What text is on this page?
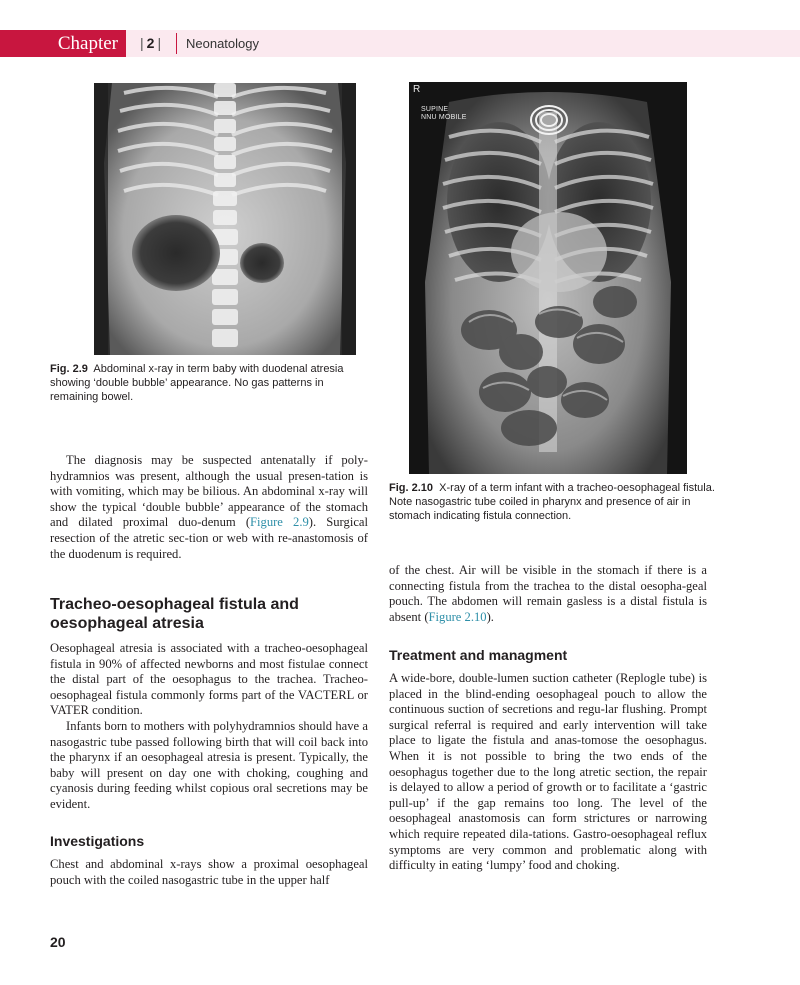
Chapter	| 2 | Neonatology
Fig. 2.9 Abdominal x-ray in term baby with duodenal atresia showing ‘double bubble’ appearance. No gas patterns in remaining bowel.
R
SUPINE
NNU MOBILE
Fig. 2.10 X-ray of a term infant with a tracheo-oesophageal fistula. Note nasogastric tube coiled in pharynx and presence of air in stomach indicating fistula connection.

The diagnosis may be suspected antenatally if poly-hydramnios was present, although the usual presen-tation is with vomiting, which may be bilious. An abdominal x-ray will show the typical ‘double bubble’ appearance of the stomach and dilated proximal duo-denum (Figure 2.9). Surgical resection of the atretic sec-tion or web with re-anastomosis of the duodenum is required.

Tracheo-oesophageal fistula and
oesophageal atresia

Oesophageal atresia is associated with a tracheo-oesophageal fistula in 90% of affected newborns and most fistulae connect the distal part of the oesophagus to the trachea. Tracheo-oesophageal fistula commonly forms part of the VACTERL or VATER condition.

Infants born to mothers with polyhydramnios should have a nasogastric tube passed following birth that will coil back into the pharynx if an oesophageal atresia is present. Typically, the baby will present on day one with choking, coughing and cyanosis during feeding whilst copious oral secretions may be evident.

Investigations

Chest and abdominal x-rays show a proximal oesophageal pouch with the coiled nasogastric tube in the upper half

of the chest. Air will be visible in the stomach if there is a connecting fistula from the trachea to the distal oesopha-geal pouch. The abdomen will remain gasless is a distal fistula is absent (Figure 2.10).

Treatment and managment

A wide-bore, double-lumen suction catheter (Replogle tube) is placed in the blind-ending oesophageal pouch to allow the continuous suction of secretions and regu-lar flushing. Prompt surgical referral is required and early intervention will take place to ligate the fistula and anas-tomose the oesophagus. When it is not possible to bring the two ends of the oesophagus together due to the long atretic section, the repair is delayed to allow a period of growth or to facilitate a ‘gastric pull-up’ if the gap remains too long. The level of the oesophageal anastomosis can form strictures or narrowing which require repeated dila-tations. Gastro-oesophageal reflux symptoms are very common and problematic along with difficulty in eating ‘lumpy’ food and choking.

20
